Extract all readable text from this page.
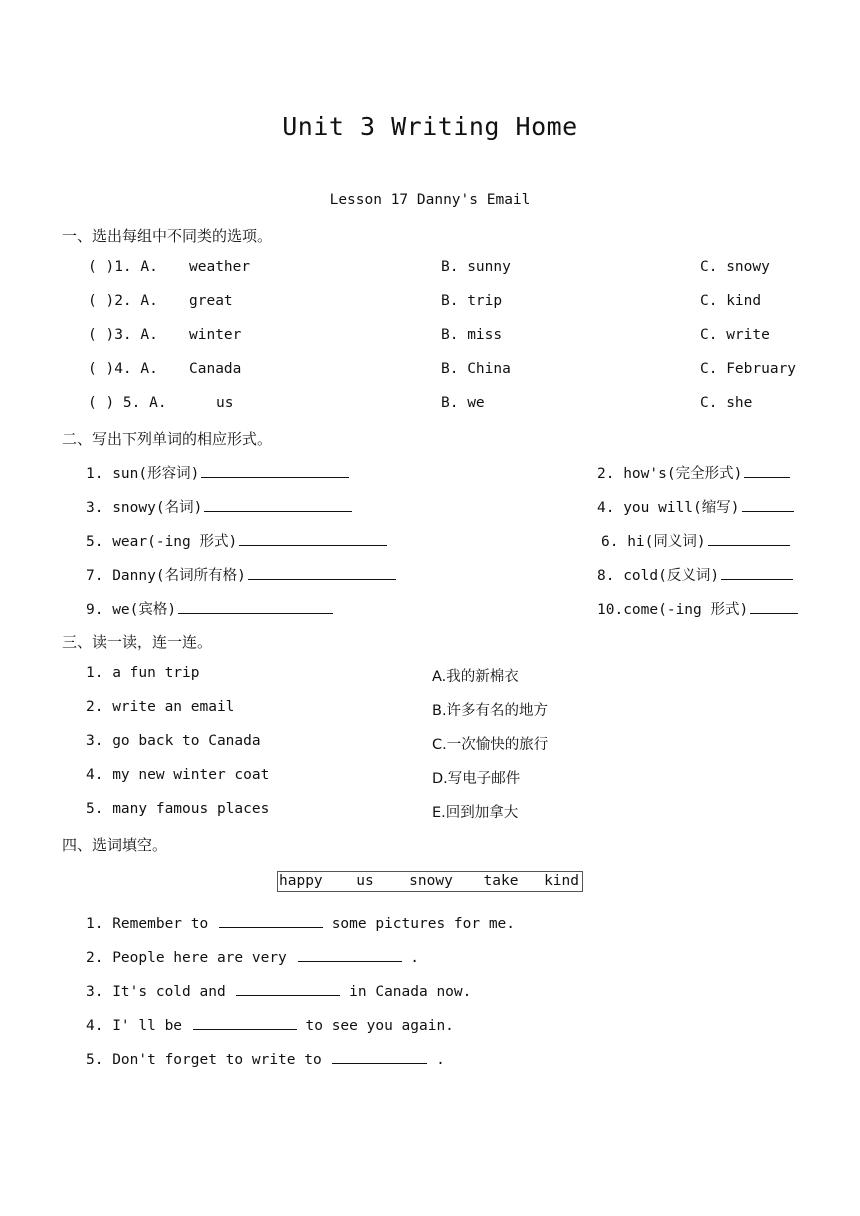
Unit 3 Writing Home
Lesson 17 Danny's Email
一、选出每组中不同类的选项。
( )1. A. weather	B. sunny	C. snowy
( )2. A. great	B. trip	C. kind
( )3. A. winter	B. miss	C. write
( )4. A. Canada	B. China	C. February
( ) 5. A.	us	B. we	C. she
二、写出下列单词的相应形式。
1. sun(形容词)	2. how's(完全形式)
3. snowy(名词)	4. you will(缩写)
5. wear(-ing 形式)	6. hi(同义词)
7. Danny(名词所有格)	8. cold(反义词)
9. we(宾格)	10.come(-ing 形式)
三、读一读，连一连。
1. a fun trip	A.我的新棉衣
2. write an email	B.许多有名的地方
3. go back to Canada	C.一次愉快的旅行
4. my new winter coat	D.写电子邮件
5. many famous places	E.回到加拿大
四、选词填空。
happy us snowy take kind
1. Remember to	some pictures for me.
2. People here are very	.
3. It's cold and	in Canada now.
4. I' ll be	to see you again.
5. Don't forget to write to	.
